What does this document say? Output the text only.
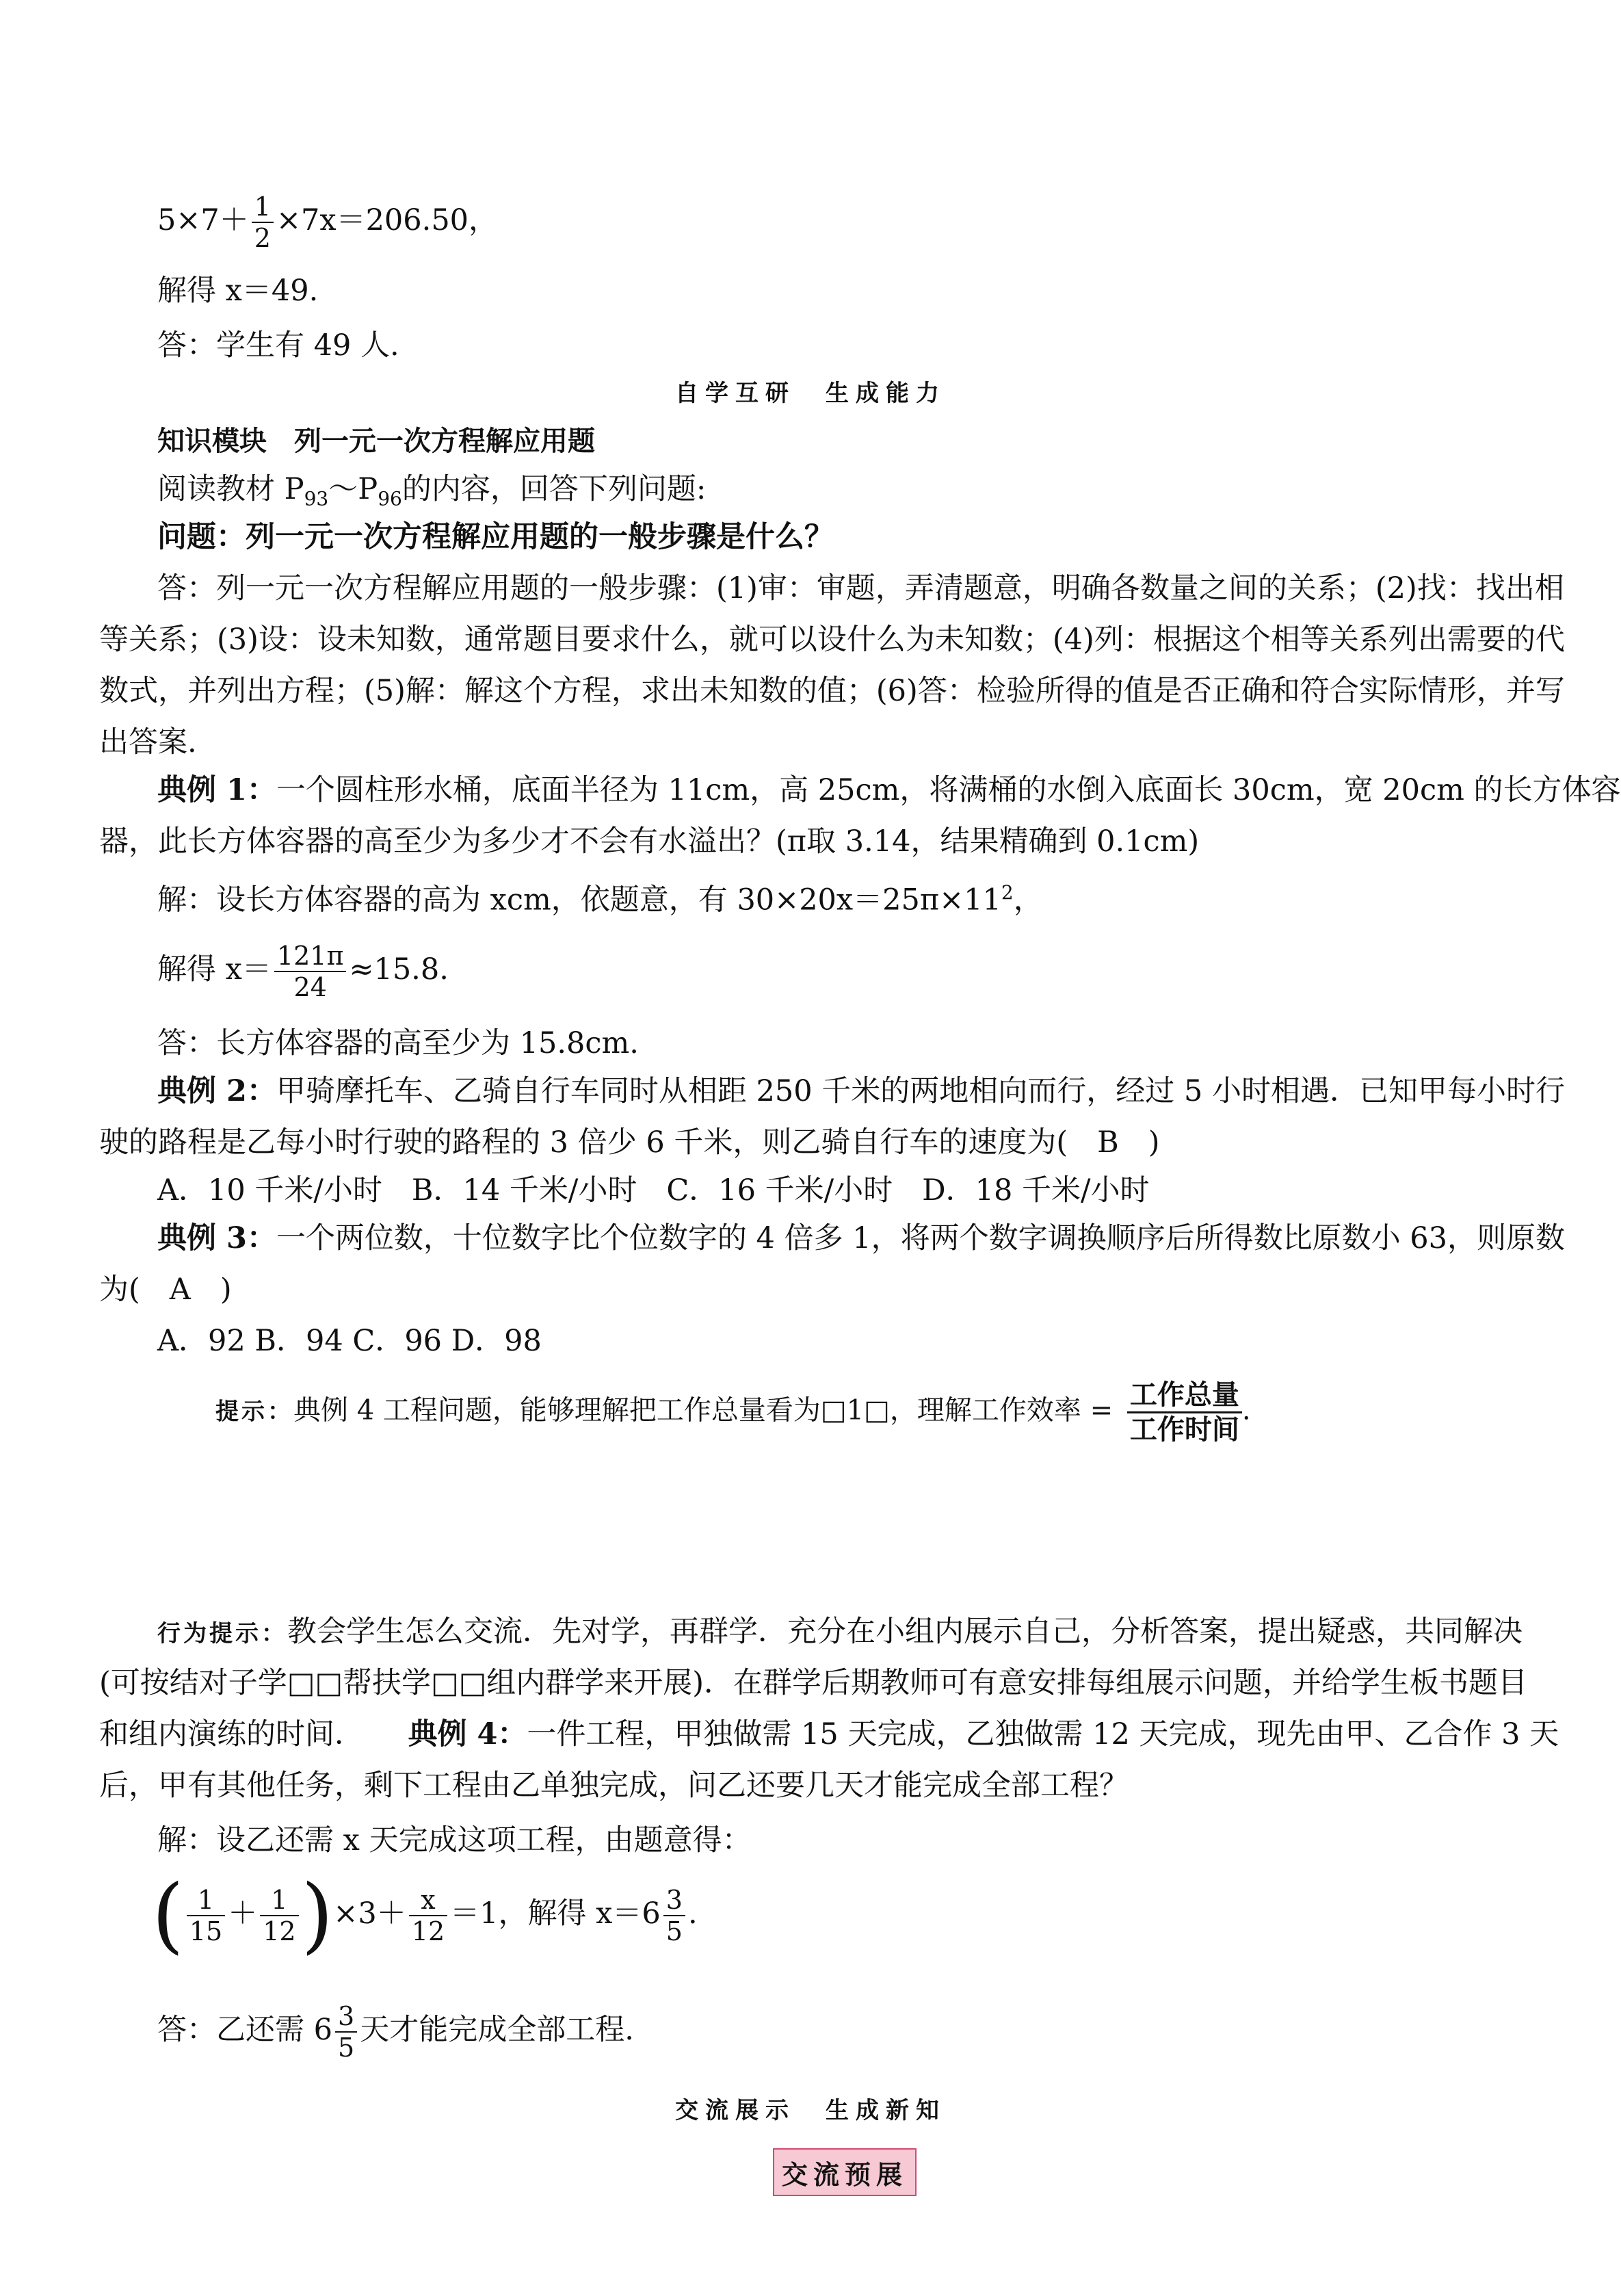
$5\times 7+ \frac{1}{2} \times 7x=206.50$，
解得 x＝49.
答：学生有 49 人.
自学互研　生成能力
知识模块　列一元一次方程解应用题
阅读教材 $P_{93}\sim P_{96}$的内容，回答下列问题:
问题：列一元一次方程解应用题的一般步骤是什么？
答：列一元一次方程解应用题的一般步骤：(1)审：审题，弄清题意，明确各数量之间的关系；(2)找：找出相
等关系；(3)设：设未知数，通常题目要求什么，就可以设什么为未知数；(4)列：根据这个相等关系列出需要的代
数式，并列出方程；(5)解：解这个方程，求出未知数的值；(6)答：检验所得的值是否正确和符合实际情形，并写
出答案.
典例 1：一个圆柱形水桶，底面半径为 11cm，高 25cm，将满桶的水倒入底面长 30cm，宽 20cm 的长方体容
器，此长方体容器的高至少为多少才不会有水溢出？(π取 3.14，结果精确到 0.1cm)
解：设长方体容器的高为 xcm，依题意，有 $30\times 20x=25\pi\times 11^2$，
解得 $x= \frac{121\pi}{24} \approx 15.8$.
答：长方体容器的高至少为 15.8cm.
典例 2：甲骑摩托车、乙骑自行车同时从相距 250 千米的两地相向而行，经过 5 小时相遇．已知甲每小时行
驶的路程是乙每小时行驶的路程的 3 倍少 6 千米，则乙骑自行车的速度为(　B　)
A．10 千米/小时　B．14 千米/小时　C．16 千米/小时　D．18 千米/小时
典例 3：一个两位数，十位数字比个位数字的 4 倍多 1，将两个数字调换顺序后所得数比原数小 63，则原数
为(　A　)
A．92 B．94 C．96 D．98
提示：典例 4 工程问题，能够理解把工作总量看为□1□，理解工作效率 = $\frac{\text{工作总量}}{\text{工作时间}}$ .
行为提示：教会学生怎么交流．先对学，再群学．充分在小组内展示自己，分析答案，提出疑惑，共同解决
(可按结对子学□□帮扶学□□组内群学来开展)．在群学后期教师可有意安排每组展示问题，并给学生板书题目
和组内演练的时间．　　典例 4：一件工程，甲独做需 15 天完成，乙独做需 12 天完成，现先由甲、乙合作 3 天
后，甲有其他任务，剩下工程由乙单独完成，问乙还要几天才能完成全部工程？
解：设乙还需 x 天完成这项工程，由题意得：
( $\frac{1}{15} + \frac{1}{12} )\times 3+ \frac{x}{12} =1$，解得 $x=6 \frac{3}{5}$ .
答：乙还需 $6 \frac{3}{5}$ 天才能完成全部工程.
交流展示　生成新知
交流预展
